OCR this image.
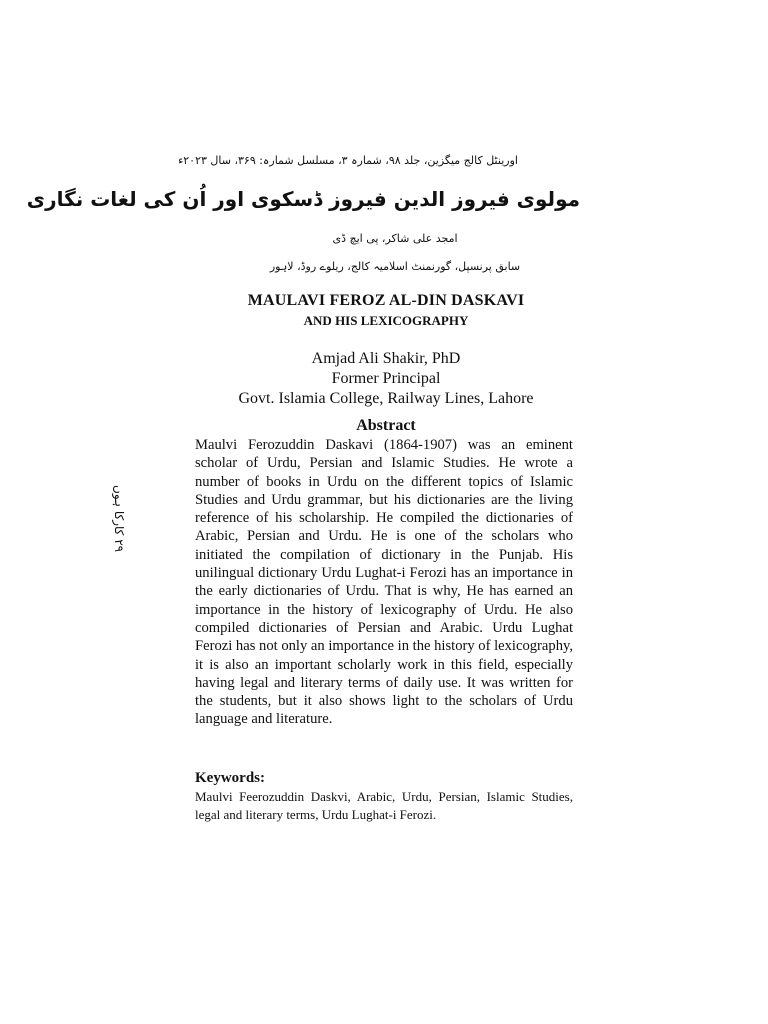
اورینٹل کالج میگزین، جلد ۹۸، شمارہ ۳، مسلسل شمارہ: ۳۶۹، سال ۲۰۲۳ء
مولوی فیروز الدین فیروز ڈسکوی اور اُن کی لغات نگاری
امجد علی شاکر، پی ایچ ڈی
سابق پرنسپل، گورنمنٹ اسلامیہ کالج، ریلوے روڈ، لاہور
۲۹ کارکا ہوں
MAULAVI FEROZ AL-DIN DASKAVI
AND HIS LEXICOGRAPHY
Amjad Ali Shakir, PhD
Former Principal
Govt. Islamia College, Railway Lines, Lahore
Abstract
Maulvi Ferozuddin Daskavi (1864-1907) was an eminent scholar of Urdu, Persian and Islamic Studies. He wrote a number of books in Urdu on the different topics of Islamic Studies and Urdu grammar, but his dictionaries are the living reference of his scholarship. He compiled the dictionaries of Arabic, Persian and Urdu. He is one of the scholars who initiated the compilation of dictionary in the Punjab. His unilingual dictionary Urdu Lughat-i Ferozi has an importance in the early dictionaries of Urdu. That is why, He has earned an importance in the history of lexicography of Urdu. He also compiled dictionaries of Persian and Arabic. Urdu Lughat Ferozi has not only an importance in the history of lexicography, it is also an important scholarly work in this field, especially having legal and literary terms of daily use. It was written for the students, but it also shows light to the scholars of Urdu language and literature.
Keywords:
Maulvi Feerozuddin Daskvi, Arabic, Urdu, Persian, Islamic Studies, legal and literary terms, Urdu Lughat-i Ferozi.
